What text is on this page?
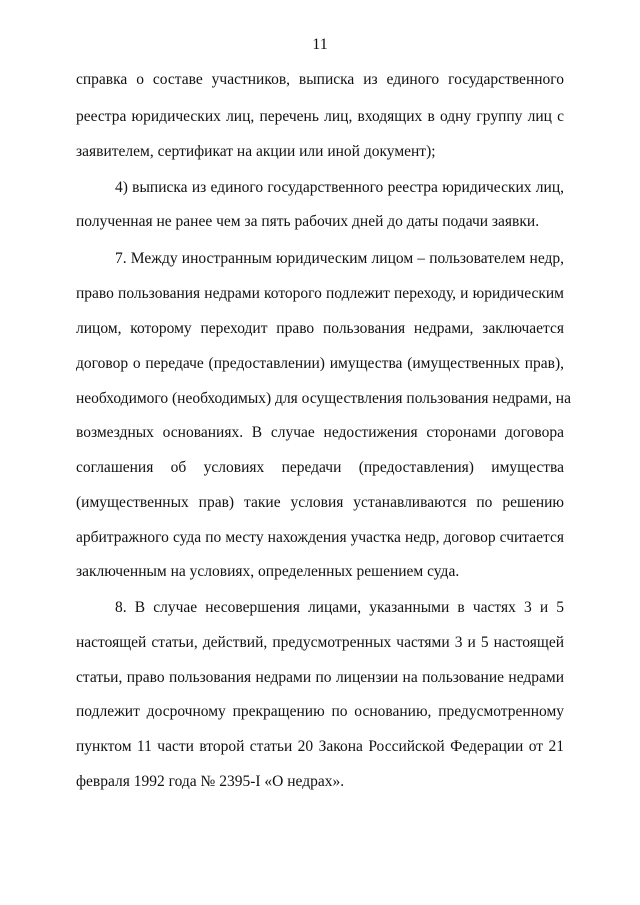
11
справка о составе участников, выписка из единого государственного
реестра юридических лиц, перечень лиц, входящих в одну группу лиц с
заявителем, сертификат на акции или иной документ);
4) выписка из единого государственного реестра юридических лиц,
полученная не ранее чем за пять рабочих дней до даты подачи заявки.
7. Между иностранным юридическим лицом – пользователем недр,
право пользования недрами которого подлежит переходу, и юридическим
лицом, которому переходит право пользования недрами, заключается
договор о передаче (предоставлении) имущества (имущественных прав),
необходимого (необходимых) для осуществления пользования недрами, на
возмездных основаниях. В случае недостижения сторонами договора
соглашения об условиях передачи (предоставления) имущества
(имущественных прав) такие условия устанавливаются по решению
арбитражного суда по месту нахождения участка недр, договор считается
заключенным на условиях, определенных решением суда.
8. В случае несовершения лицами, указанными в частях 3 и 5
настоящей статьи, действий, предусмотренных частями 3 и 5 настоящей
статьи, право пользования недрами по лицензии на пользование недрами
подлежит досрочному прекращению по основанию, предусмотренному
пунктом 11 части второй статьи 20 Закона Российской Федерации от 21
февраля 1992 года № 2395-I «О недрах».
